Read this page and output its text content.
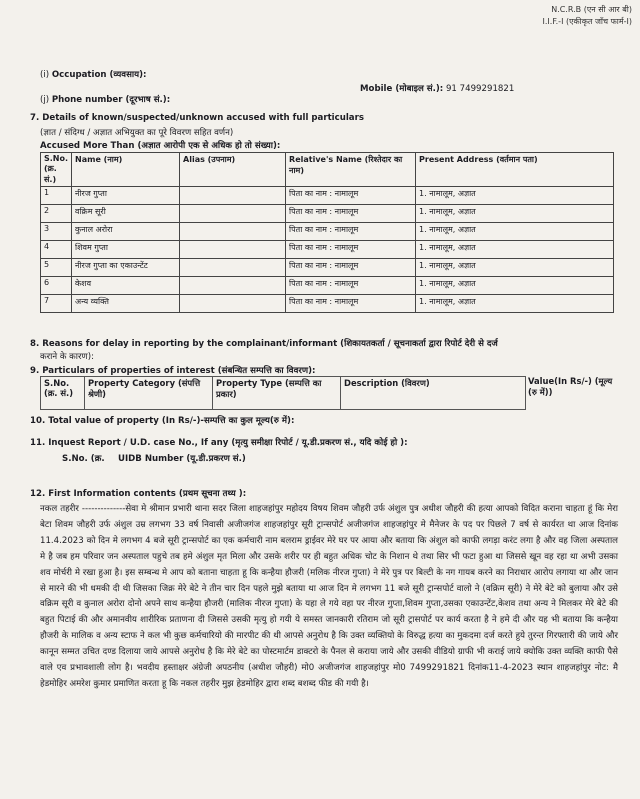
N.C.R.B (एन सी आर बी)
I.I.F.-I (एकीकृत जाँच फार्म-I)
(i) Occupation (व्यवसाय):
(j) Phone number (दूरभाष सं.):
Mobile (मोबाइल सं.): 91 7499291821
7. Details of known/suspected/unknown accused with full particulars
(ज्ञात / संदिग्ध / अज्ञात अभियुक्त का पूरे विवरण सहित वर्णन)
Accused More Than (अज्ञात आरोपी एक से अधिक हो तो संख्या):
S.No. (क्र. सं.)	Name (नाम)	Alias (उपनाम)	Relative's Name (रिश्तेदार का नाम)	Present Address (वर्तमान पता)
1	नीरज गुप्ता		पिता का नाम : नामालूम	1. नामालूम, अज्ञात
2	वक्रिम सूरी		पिता का नाम : नामालूम	1. नामालूम, अज्ञात
3	कुनाल अरोरा		पिता का नाम : नामालूम	1. नामालूम, अज्ञात
4	शिवम गुप्ता		पिता का नाम : नामालूम	1. नामालूम, अज्ञात
5	नीरज गुप्ता का एकाउन्टेंट		पिता का नाम : नामालूम	1. नामालूम, अज्ञात
6	केशव		पिता का नाम : नामालूम	1. नामालूम, अज्ञात
7	अन्य व्यक्ति		पिता का नाम : नामालूम	1. नामालूम, अज्ञात
8. Reasons for delay in reporting by the complainant/informant (शिकायतकर्ता / सूचनाकर्ता द्वारा रिपोर्ट देरी से दर्ज
कराने के कारण):
9. Particulars of properties of interest (संबन्धित सम्पत्ति का विवरण):
S.No. (क्र. सं.)	Property Category (संपत्ति श्रेणी)	Property Type (सम्पत्ति का प्रकार)	Description (विवरण)	Value(In Rs/-) (मूल्य (रु में))
10. Total value of property (In Rs/-)-सम्पत्ति का कुल मूल्य(रु में):
11. Inquest Report / U.D. case No., If any (मृत्यु समीक्षा रिपोर्ट / यू.डी.प्रकरण सं., यदि कोई हो ):
S.No. (क्र. UIDB Number (यू.डी.प्रकरण सं.)
12. First Information contents (प्रथम सूचना तथ्य ):

नकल तहरीर --------------सेवा मे श्रीमान प्रभारी थाना सदर जिला शाहजहांपुर महोदय विषय शिवम जौहरी उर्फ अंशुल पुत्र अधीश जौहरी की हत्या आपको विदित कराना चाहता हूं कि मेरा बेटा शिवम जौहरी उर्फ अंशुल उम्र लगभग 33 वर्ष निवासी अजीजगंज शाहजहांपुर सूरी ट्रान्सपोर्ट अजीजगंज शाहजहांपुर मे मैनेजर के पद पर पिछले 7 वर्ष से कार्यरत था आज दिनांक 11.4.2023 को दिन मे लगभग 4 बजे सूरी ट्रान्सपोर्ट का एक कर्मचारी नाम बलराम ड्राईवर मेरे घर पर आया और बताया कि अंशुल को काफी लगड़ा करंट लगा है और वह जिला अस्पताल मे है जब हम परिवार जन अस्पताल पहुचे तब हमे अंशुल मृत मिला और उसके शरीर पर ही बहुत अधिक चोट के निशान थे तथा सिर भी फटा हुआ था जिससे खून वह रहा था अभी उसका शव मोर्चरी मे रखा हुआ है। इस सम्बन्ध मे आप को बताना चाहता हू कि कन्हैया हौजरी (मलिक नीरज गुप्ता) ने मेरे पुत्र पर बिल्टी के नग गायब करने का निराधार आरोप लगाया था और जान से मारने की भी धमकी दी थी जिसका जिक्र मेरे बेटे ने तीन चार दिन पहले मुझे बताया था आज दिन मे लगभग 11 बजे सूरी ट्रान्सपोर्ट वालो ने (वक्रिम सूरी) ने मेरे बेटे को बुलाया और उसे वक्रिम सूरी व कुनाल अरोरा दोनो अपने साथ कन्हैया हौजरी (मालिक नीरज गुप्ता) के यहा ले गये वहा पर नीरज गुप्ता,शिवम गुप्ता,उसका एकाउन्टेंट,केशव तथा अन्य ने मिलकर मेरे बेटे की बहुत पिटाई की और अमानवीय शारीरिक प्रताणना दी जिससे उसकी मृत्यु हो गयी ये समस्त जानकारी रतिराम जो सूरी ट्रासपोर्ट पर कार्य करता है ने हमे दी और यह भी बताया कि कन्हैया हौजरी के मालिक व अन्य स्टाफ ने कल भी कुछ कर्मचारियो की मारपीट की थी आपसे अनुरोध है कि उक्त व्यक्तियो के विरुद्ध हत्या का मुकदमा दर्ज करते हुये तुरन्त गिरफ्तारी की जाये और कानून सम्मत उचित दण्ड दिलाया जाये आपसे अनुरोध है कि मेरे बेटे का पोस्टमार्टम डाक्टरो के पैनल से कराया जाये और उसकी वीडियो ग्राफी भी कराई जाये क्योकि उक्त व्यक्ति काफी पैसे वाले एव प्रभावशाली लोग है। भवदीय हस्ताक्षर अंग्रेजी अपठनीय (अधीश जौहरी) मो0 अजीजगंज शाहजहांपुर मो0 7499291821 दिनांक11-4-2023 स्थान शाहजहांपुर नोट: मै हेडमोहिर अमरेश कुमार प्रमाणित करता हू कि नकल तहरीर मुझ हेडमोहिर द्वारा शब्द बशब्द फीड की गयी है।
